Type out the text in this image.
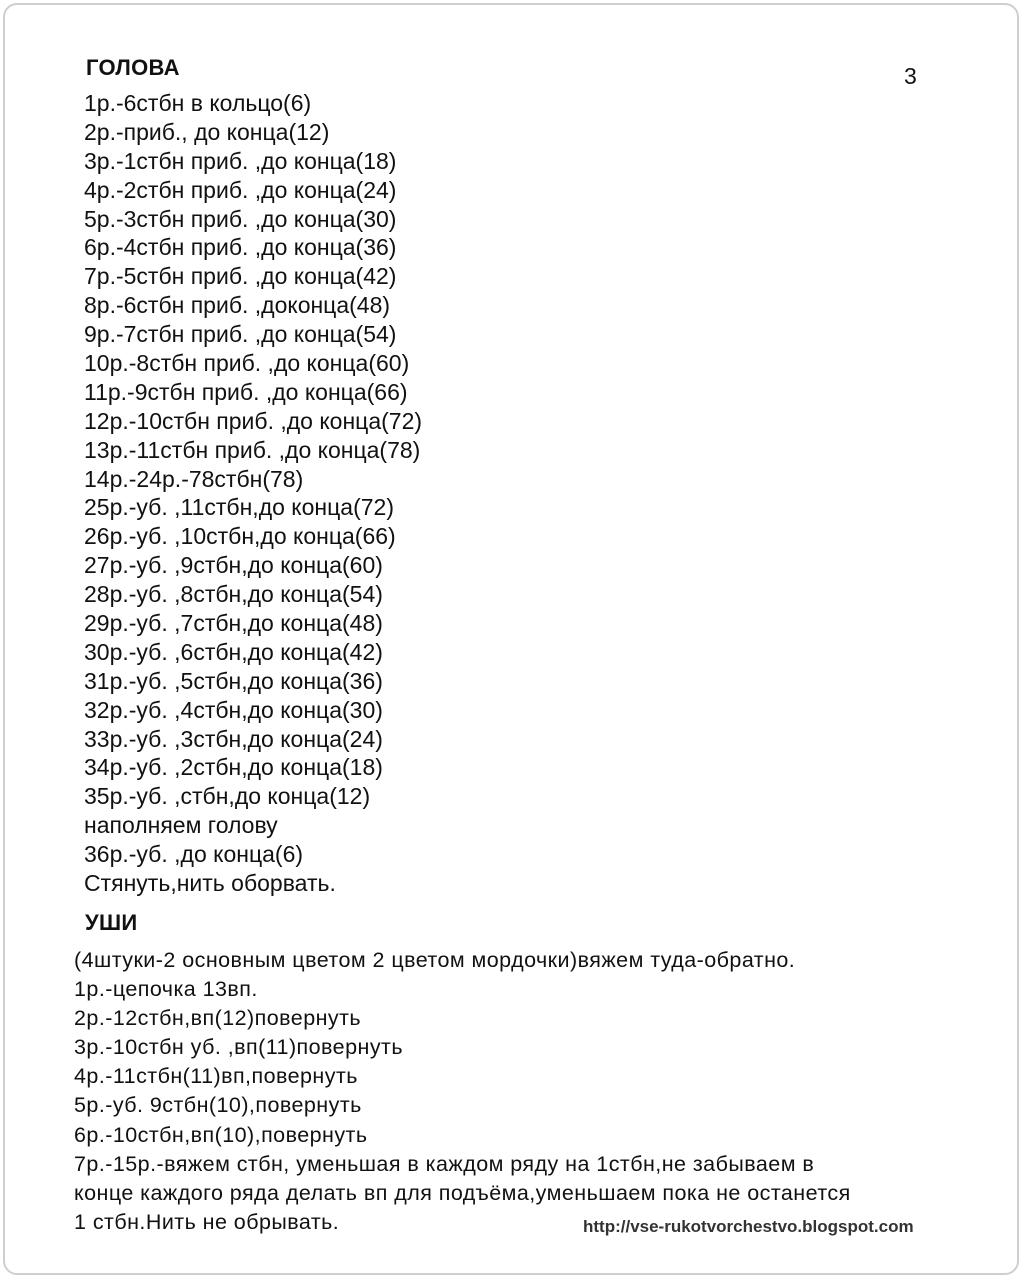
3
ГОЛОВА
1р.-6стбн в кольцо(6)
2р.-приб., до конца(12)
3р.-1стбн приб. ,до конца(18)
4р.-2стбн приб. ,до конца(24)
5р.-3стбн приб. ,до конца(30)
6р.-4стбн приб. ,до конца(36)
7р.-5стбн приб. ,до конца(42)
8р.-6стбн приб. ,доконца(48)
9р.-7стбн приб. ,до конца(54)
10р.-8стбн приб. ,до конца(60)
11р.-9стбн приб. ,до конца(66)
12р.-10стбн приб. ,до конца(72)
13р.-11стбн приб. ,до конца(78)
14р.-24р.-78стбн(78)
25р.-уб. ,11стбн,до конца(72)
26р.-уб. ,10стбн,до конца(66)
27р.-уб. ,9стбн,до конца(60)
28р.-уб. ,8стбн,до конца(54)
29р.-уб. ,7стбн,до конца(48)
30р.-уб. ,6стбн,до конца(42)
31р.-уб. ,5стбн,до конца(36)
32р.-уб. ,4стбн,до конца(30)
33р.-уб. ,3стбн,до конца(24)
34р.-уб. ,2стбн,до конца(18)
35р.-уб. ,стбн,до конца(12)
наполняем голову
36р.-уб. ,до конца(6)
Стянуть,нить оборвать.
УШИ
(4штуки-2 основным цветом 2 цветом мордочки)вяжем туда-обратно.
1р.-цепочка 13вп.
2р.-12стбн,вп(12)повернуть
3р.-10стбн уб. ,вп(11)повернуть
4р.-11стбн(11)вп,повернуть
5р.-уб. 9стбн(10),повернуть
6р.-10стбн,вп(10),повернуть
7р.-15р.-вяжем стбн, уменьшая в каждом ряду на 1стбн,не забываем в
конце каждого ряда делать вп для подъёма,уменьшаем пока не останется
1 стбн.Нить не обрывать.	http://vse-rukotvorchestvo.blogspot.com
